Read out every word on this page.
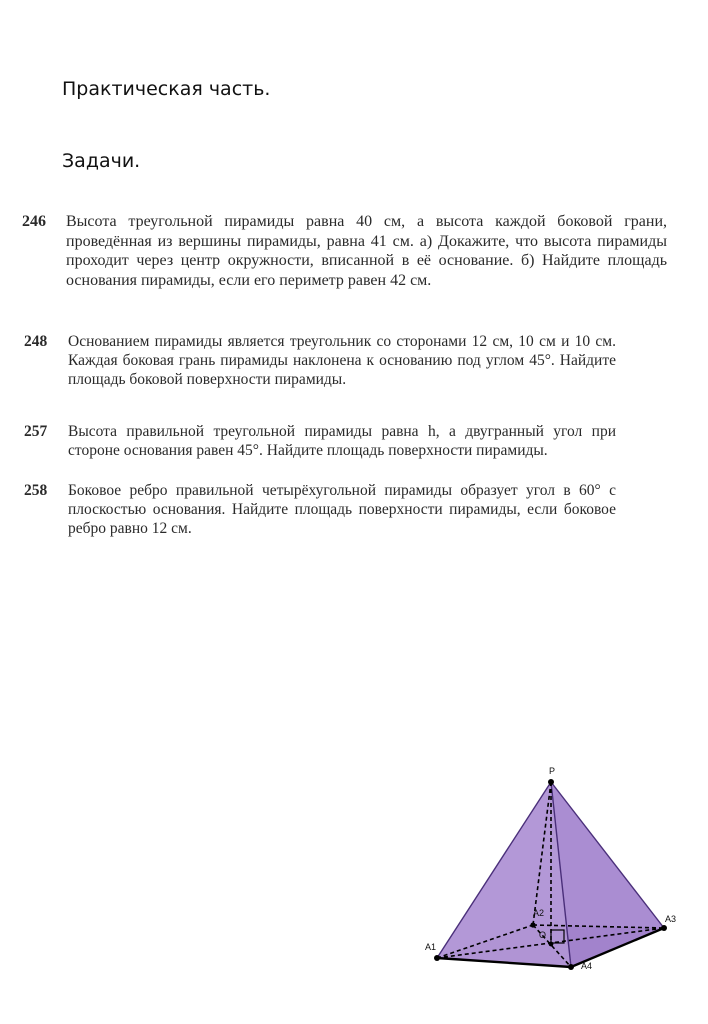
Практическая часть.
Задачи.
246 Высота треугольной пирамиды равна 40 см, а высота каждой боковой грани, проведённая из вершины пирамиды, равна 41 см. а) Докажите, что высота пирамиды проходит через центр окружности, вписанной в её основание. б) Найдите площадь основания пирамиды, если его периметр равен 42 см.
248 Основанием пирамиды является треугольник со сторонами 12 см, 10 см и 10 см. Каждая боковая грань пирамиды наклонена к основанию под углом 45°. Найдите площадь боковой поверхности пирамиды.
257 Высота правильной треугольной пирамиды равна h, а двугранный угол при стороне основания равен 45°. Найдите площадь поверхности пирамиды.
258 Боковое ребро правильной четырёхугольной пирамиды образует угол в 60° с плоскостью основания. Найдите площадь поверхности пирамиды, если боковое ребро равно 12 см.
P
A1
A2
A3
A4
O
